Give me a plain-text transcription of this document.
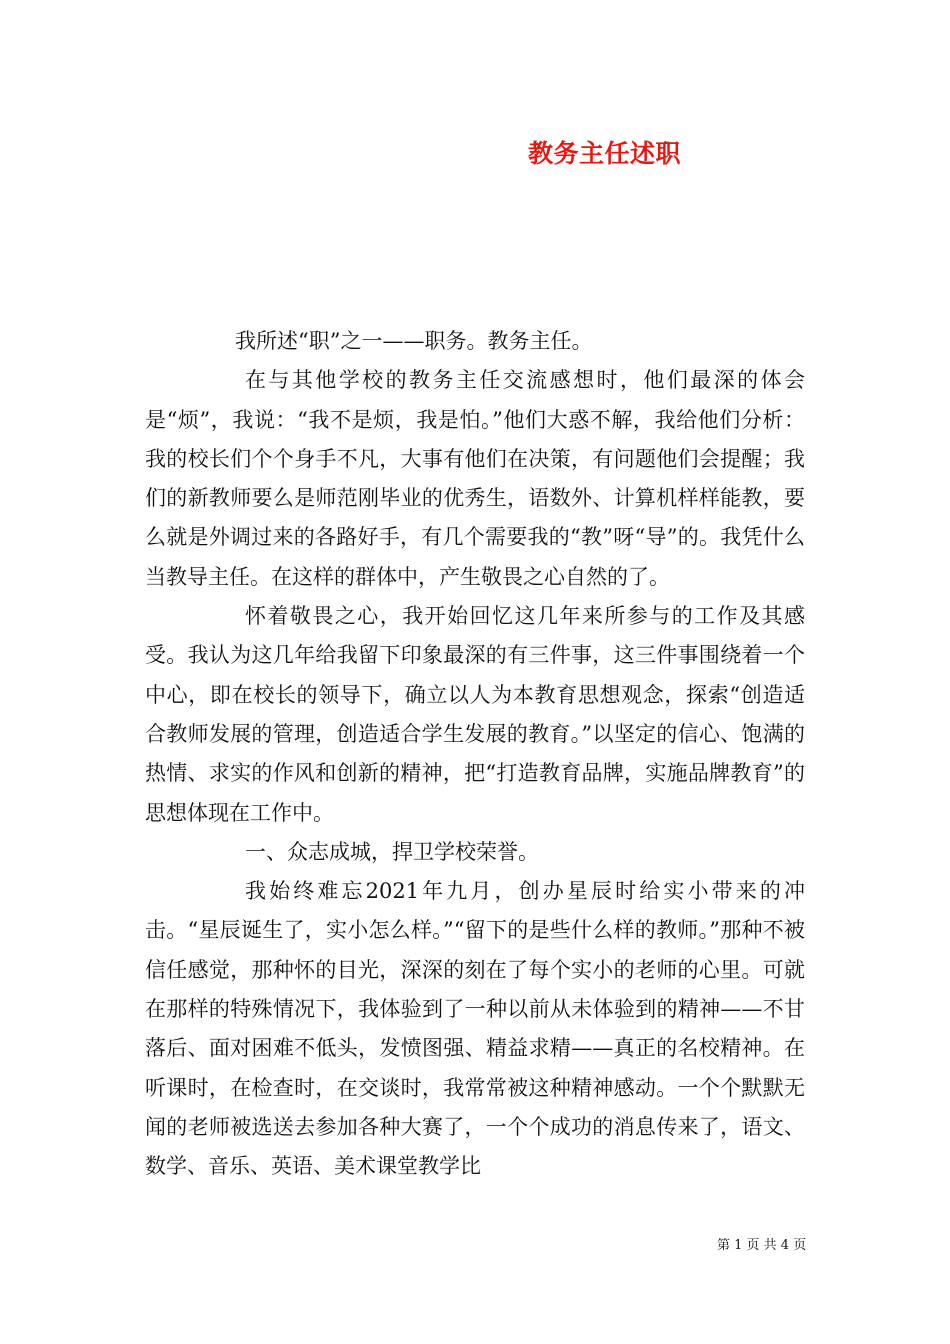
教务主任述职

我所述“职”之一——职务。教务主任。

在与其他学校的教务主任交流感想时，他们最深的体会是“烦”，我说：“我不是烦，我是怕。”他们大惑不解，我给他们分析：我的校长们个个身手不凡，大事有他们在决策，有问题他们会提醒；我们的新教师要么是师范刚毕业的优秀生，语数外、计算机样样能教，要么就是外调过来的各路好手，有几个需要我的“教”呀“导”的。我凭什么当教导主任。在这样的群体中，产生敬畏之心自然的了。

怀着敬畏之心，我开始回忆这几年来所参与的工作及其感受。我认为这几年给我留下印象最深的有三件事，这三件事围绕着一个中心，即在校长的领导下，确立以人为本教育思想观念，探索“创造适合教师发展的管理，创造适合学生发展的教育。”以坚定的信心、饱满的热情、求实的作风和创新的精神，把“打造教育品牌，实施品牌教育”的思想体现在工作中。

一、众志成城，捍卫学校荣誉。

我始终难忘2021年九月，创办星辰时给实小带来的冲击。“星辰诞生了，实小怎么样。”“留下的是些什么样的教师。”那种不被信任感觉，那种怀的目光，深深的刻在了每个实小的老师的心里。可就在那样的特殊情况下，我体验到了一种以前从未体验到的精神——不甘落后、面对困难不低头，发愤图强、精益求精——真正的名校精神。在听课时，在检查时，在交谈时，我常常被这种精神感动。一个个默默无闻的老师被选送去参加各种大赛了，一个个成功的消息传来了，语文、数学、音乐、英语、美术课堂教学比

第 1 页 共 4 页
